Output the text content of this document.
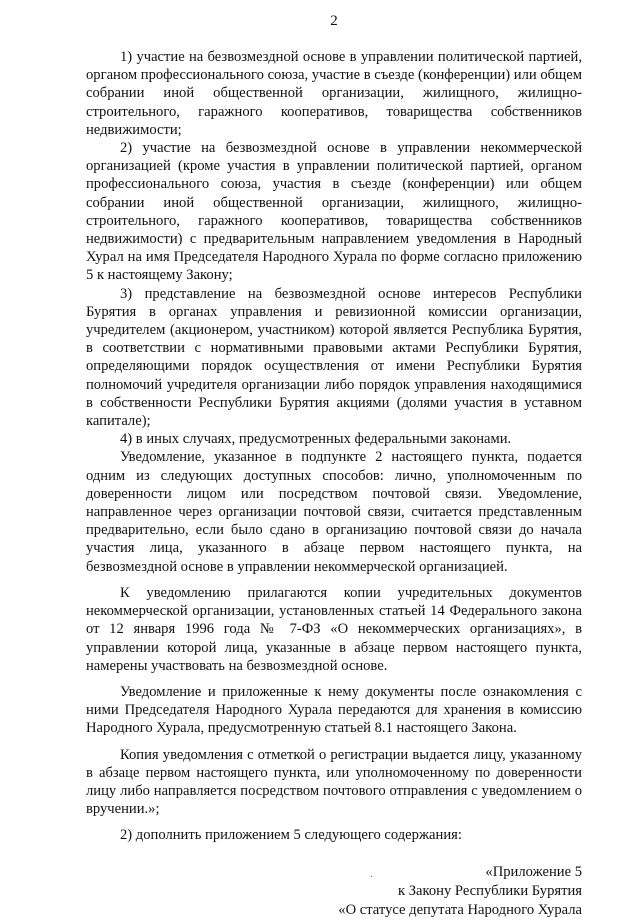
2

1) участие на безвозмездной основе в управлении политической партией, органом профессионального союза, участие в съезде (конференции) или общем собрании иной общественной организации, жилищного, жилищно-строительного, гаражного кооперативов, товарищества собственников недвижимости;

2) участие на безвозмездной основе в управлении некоммерческой организацией (кроме участия в управлении политической партией, органом профессионального союза, участия в съезде (конференции) или общем собрании иной общественной организации, жилищного, жилищно-строительного, гаражного кооперативов, товарищества собственников недвижимости) с предварительным направлением уведомления в Народный Хурал на имя Председателя Народного Хурала по форме согласно приложению 5 к настоящему Закону;

3) представление на безвозмездной основе интересов Республики Бурятия в органах управления и ревизионной комиссии организации, учредителем (акционером, участником) которой является Республика Бурятия, в соответствии с нормативными правовыми актами Республики Бурятия, определяющими порядок осуществления от имени Республики Бурятия полномочий учредителя организации либо порядок управления находящимися в собственности Республики Бурятия акциями (долями участия в уставном капитале);

4) в иных случаях, предусмотренных федеральными законами.

Уведомление, указанное в подпункте 2 настоящего пункта, подается одним из следующих доступных способов: лично, уполномоченным по доверенности лицом или посредством почтовой связи. Уведомление, направленное через организации почтовой связи, считается представленным предварительно, если было сдано в организацию почтовой связи до начала участия лица, указанного в абзаце первом настоящего пункта, на безвозмездной основе в управлении некоммерческой организацией.

К уведомлению прилагаются копии учредительных документов некоммерческой организации, установленных статьей 14 Федерального закона от 12 января 1996 года № 7-ФЗ «О некоммерческих организациях», в управлении которой лица, указанные в абзаце первом настоящего пункта, намерены участвовать на безвозмездной основе.

Уведомление и приложенные к нему документы после ознакомления с ними Председателя Народного Хурала передаются для хранения в комиссию Народного Хурала, предусмотренную статьей 8.1 настоящего Закона.

Копия уведомления с отметкой о регистрации выдается лицу, указанному в абзаце первом настоящего пункта, или уполномоченному по доверенности лицу либо направляется посредством почтового отправления с уведомлением о вручении.»;

2) дополнить приложением 5 следующего содержания:

«Приложение 5
к Закону Республики Бурятия
«О статусе депутата Народного Хурала
